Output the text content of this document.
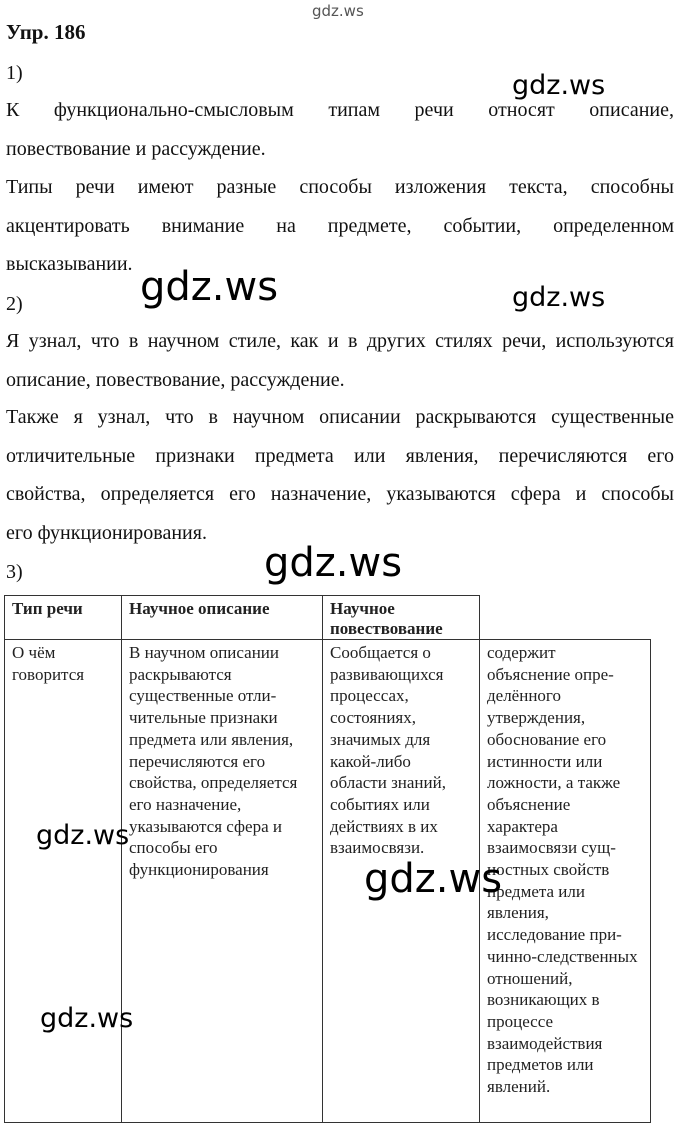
gdz.ws
Упр. 186
1)	gdz.ws
К функционально-смысловым типам речи относят описание,
повествование и рассуждение.
Типы речи имеют разные способы изложения текста, способны
акцентировать внимание на предмете, событии, определенном
высказывании.
2)	gdz.ws	gdz.ws
Я узнал, что в научном стиле, как и в других стилях речи, используются
описание, повествование, рассуждение.
Также я узнал, что в научном описании раскрываются существенные
отличительные признаки предмета или явления, перечисляются его
свойства, определяется его назначение, указываются сфера и способы
его функционирования.
3)	gdz.ws
Тип речи	Научное описание	Научное повествование	
О чём говорится	В научном описании раскрываются существенные отли-чительные признаки предмета или явления, перечисляются его свойства, определяется его назначение, указываются сфера и способы его функционирования	Сообщается о развивающихся процессах, состояниях, значимых для какой-либо области знаний, событиях или действиях в их взаимосвязи.	содержит объяснение опре-делённого утверждения, обоснование его истинности или ложности, а также объяснение характера взаимосвязи сущ-ностных свойств предмета или явления, исследование при-чинно-следственных отношений, возникающих в процессе взаимодействия предметов или явлений.
gdz.ws
gdz.ws
gdz.ws
